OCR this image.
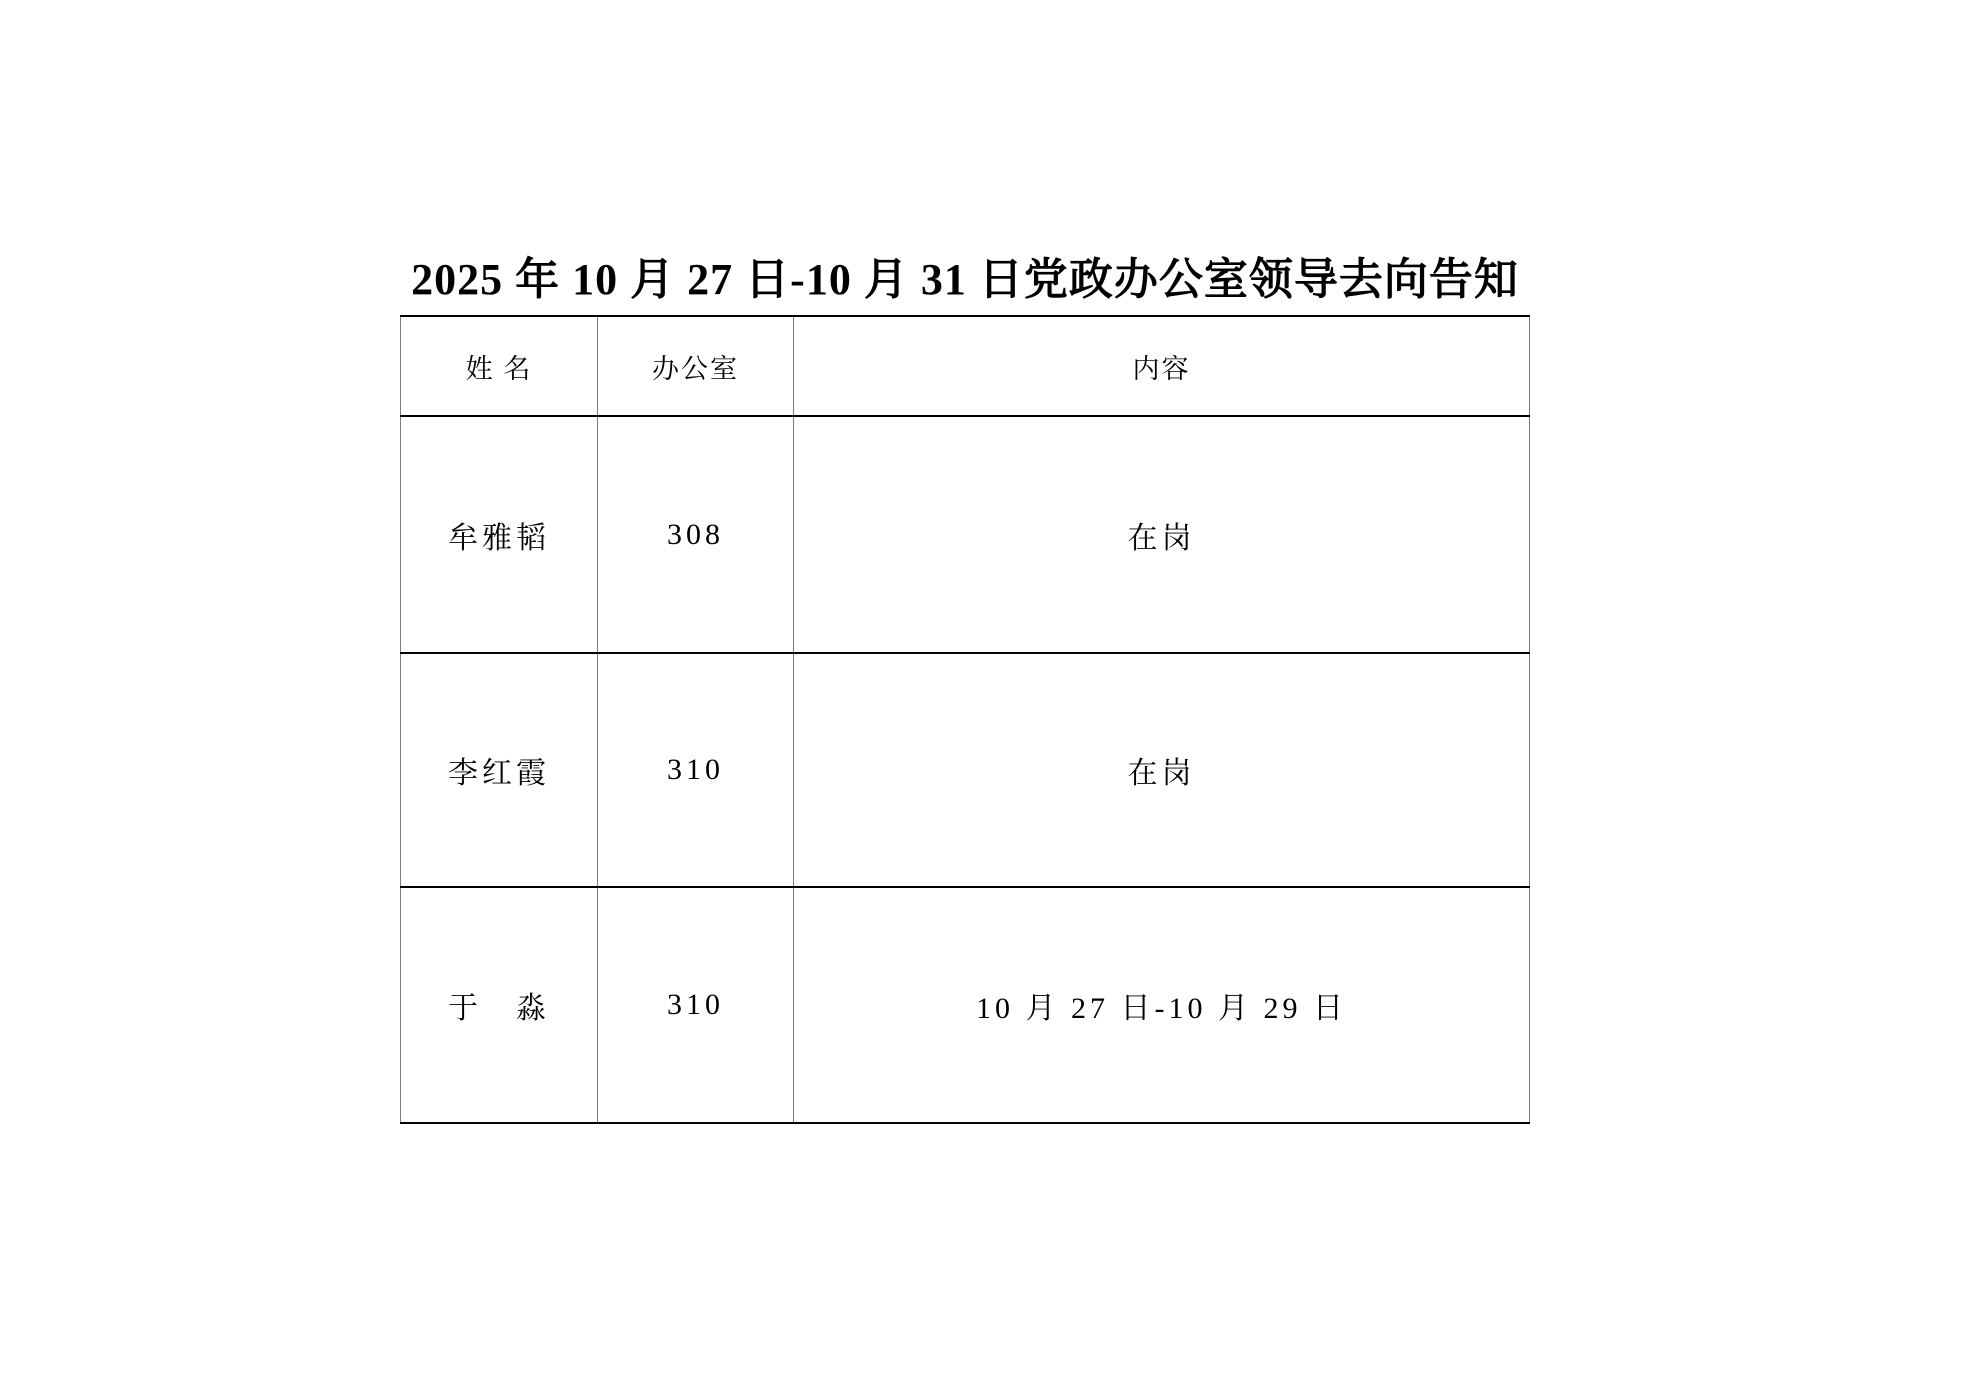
2025 年 10 月 27 日-10 月 31 日党政办公室领导去向告知
姓 名	办公室	内容
牟雅韬	308	在岗
李红霞	310	在岗
于　淼	310	10 月 27 日-10 月 29 日
